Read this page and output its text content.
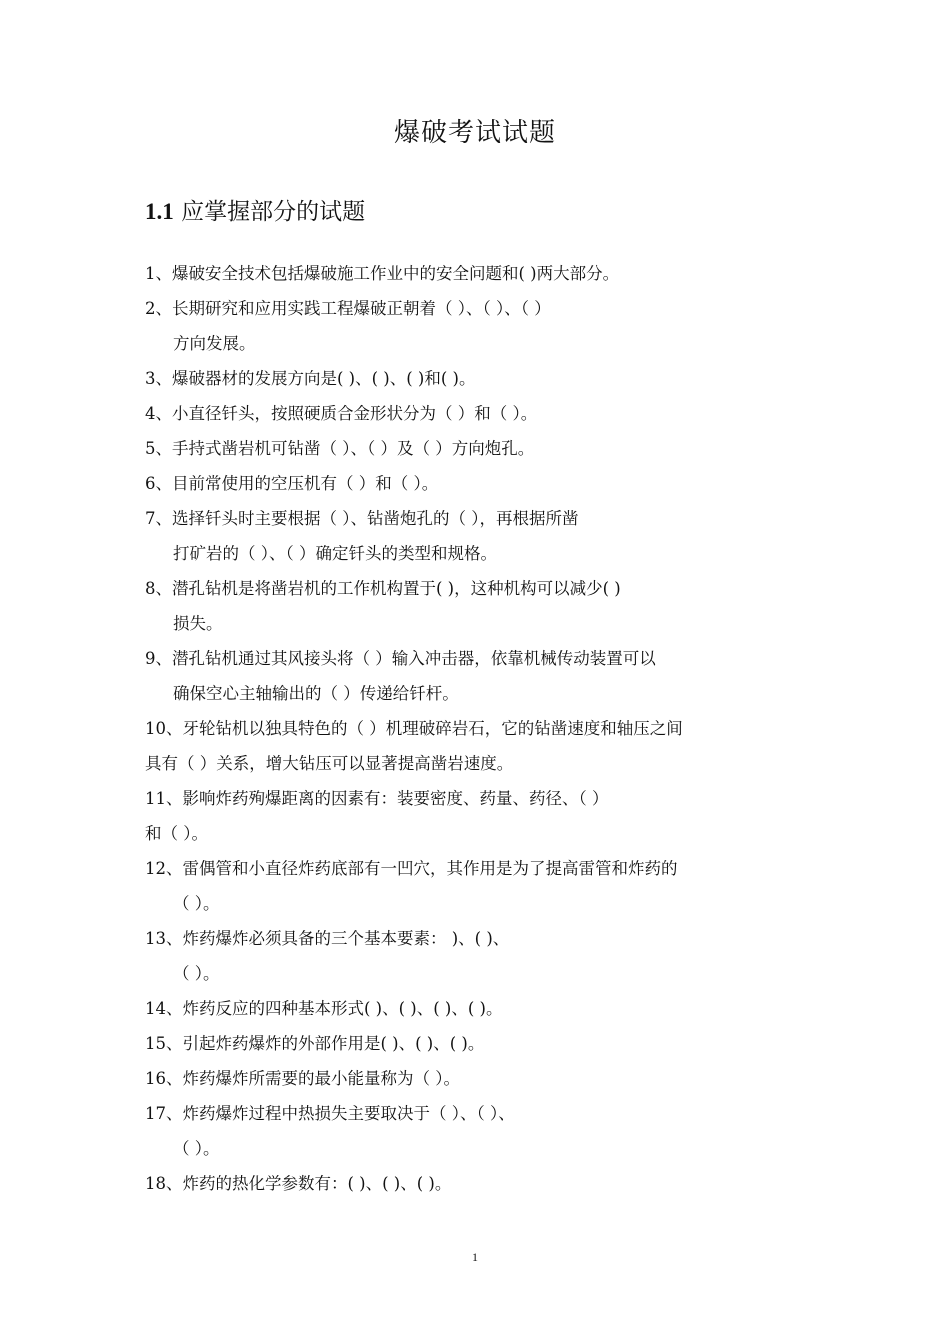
爆破考试试题
1.1 应掌握部分的试题
1、爆破安全技术包括爆破施工作业中的安全问题和( )两大部分。
2、长期研究和应用实践工程爆破正朝着（ ）、（ ）、（ ）
方向发展。
3、爆破器材的发展方向是( )、( )、( )和( )。
4、小直径钎头，按照硬质合金形状分为（ ）和（ ）。
5、手持式凿岩机可钻凿（ ）、（ ）及（ ）方向炮孔。
6、目前常使用的空压机有（ ）和（ ）。
7、选择钎头时主要根据（ ）、钻凿炮孔的（ ），再根据所凿
打矿岩的（ ）、（ ）确定钎头的类型和规格。
8、潜孔钻机是将凿岩机的工作机构置于( )，这种机构可以减少( )
损失。
9、潜孔钻机通过其风接头将（ ）输入冲击器，依靠机械传动装置可以
确保空心主轴输出的（ ）传递给钎杆。
10、牙轮钻机以独具特色的（ ）机理破碎岩石，它的钻凿速度和轴压之间
具有（ ）关系，增大钻压可以显著提高凿岩速度。
11、影响炸药殉爆距离的因素有：装要密度、药量、药径、（ ）
和（ ）。
12、雷偶管和小直径炸药底部有一凹穴，其作用是为了提高雷管和炸药的
（ ）。
13、炸药爆炸必须具备的三个基本要素： )、( )、
（ ）。
14、炸药反应的四种基本形式( )、( )、( )、( )。
15、引起炸药爆炸的外部作用是( )、( )、( )。
16、炸药爆炸所需要的最小能量称为（ ）。
17、炸药爆炸过程中热损失主要取决于（ ）、（ ）、
（ ）。
18、炸药的热化学参数有：( )、( )、( )。
1
